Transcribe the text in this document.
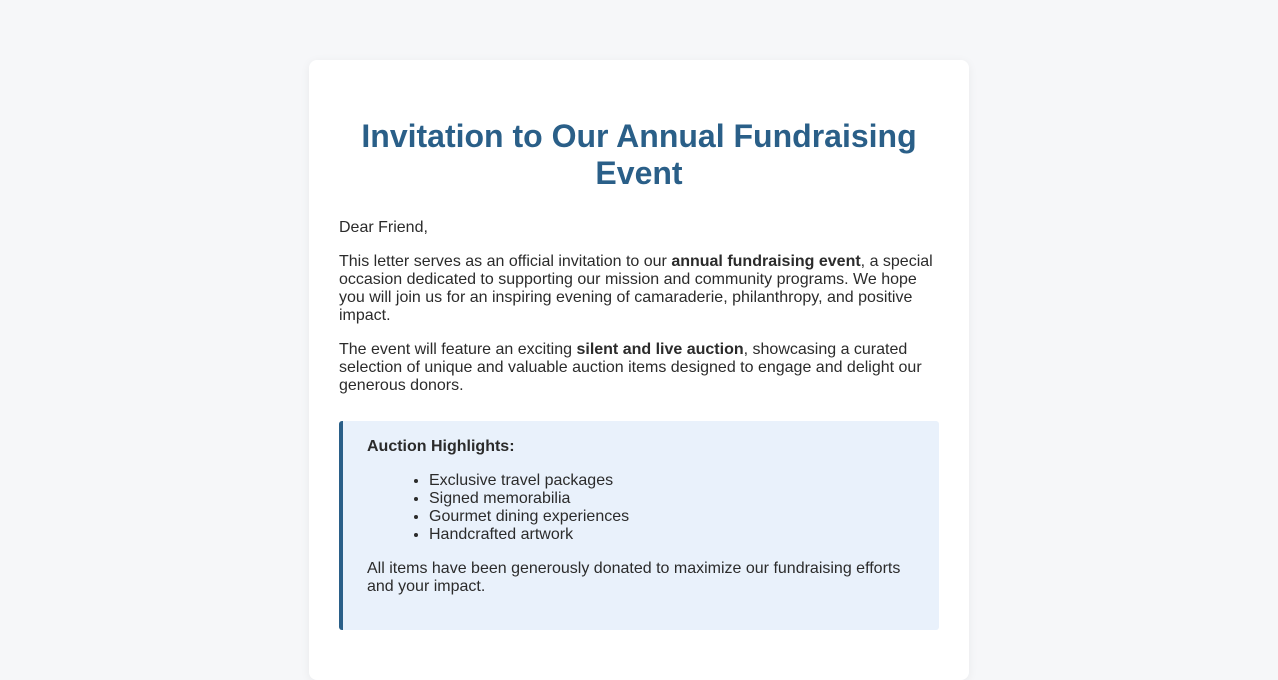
Invitation to Our Annual Fundraising Event

Dear Friend,

This letter serves as an official invitation to our annual fundraising event, a special occasion dedicated to supporting our mission and community programs. We hope you will join us for an inspiring evening of camaraderie, philanthropy, and positive impact.

The event will feature an exciting silent and live auction, showcasing a curated selection of unique and valuable auction items designed to engage and delight our generous donors.

Auction Highlights:

• Exclusive travel packages
• Signed memorabilia
• Gourmet dining experiences
• Handcrafted artwork

All items have been generously donated to maximize our fundraising efforts and your impact.
